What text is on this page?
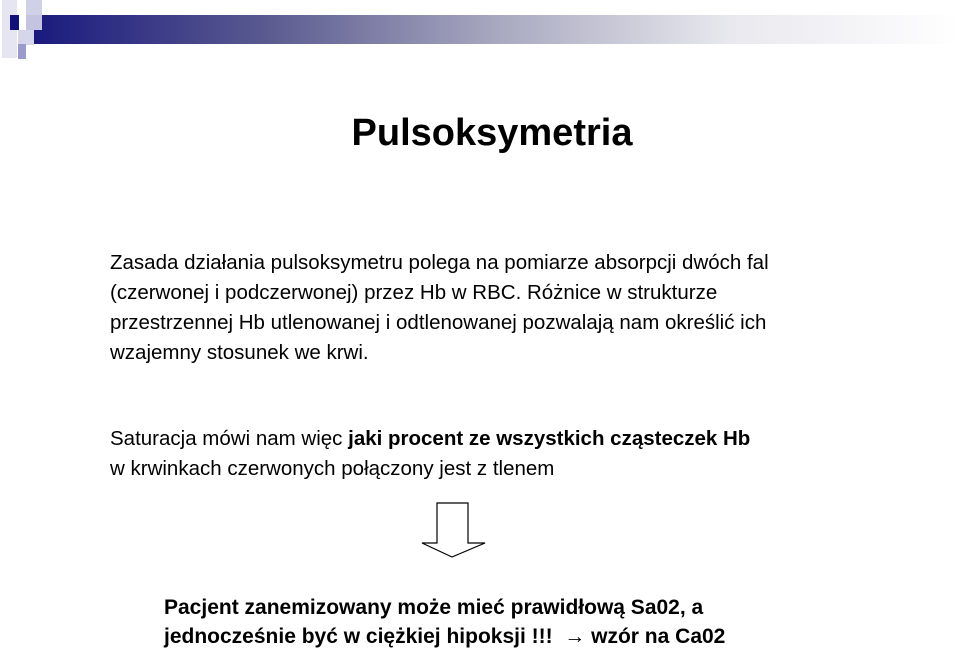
Pulsoksymetria
Zasada działania pulsoksymetru polega na pomiarze absorpcji dwóch fal
(czerwonej i podczerwonej) przez Hb w RBC. Różnice w strukturze
przestrzennej Hb utlenowanej i odtlenowanej pozwalają nam określić ich
wzajemny stosunek we krwi.
Saturacja mówi nam więc jaki procent ze wszystkich cząsteczek Hb
w krwinkach czerwonych połączony jest z tlenem
Pacjent zanemizowany może mieć prawidłową Sa02, a
jednocześnie być w ciężkiej hipoksji !!! → wzór na Ca02
